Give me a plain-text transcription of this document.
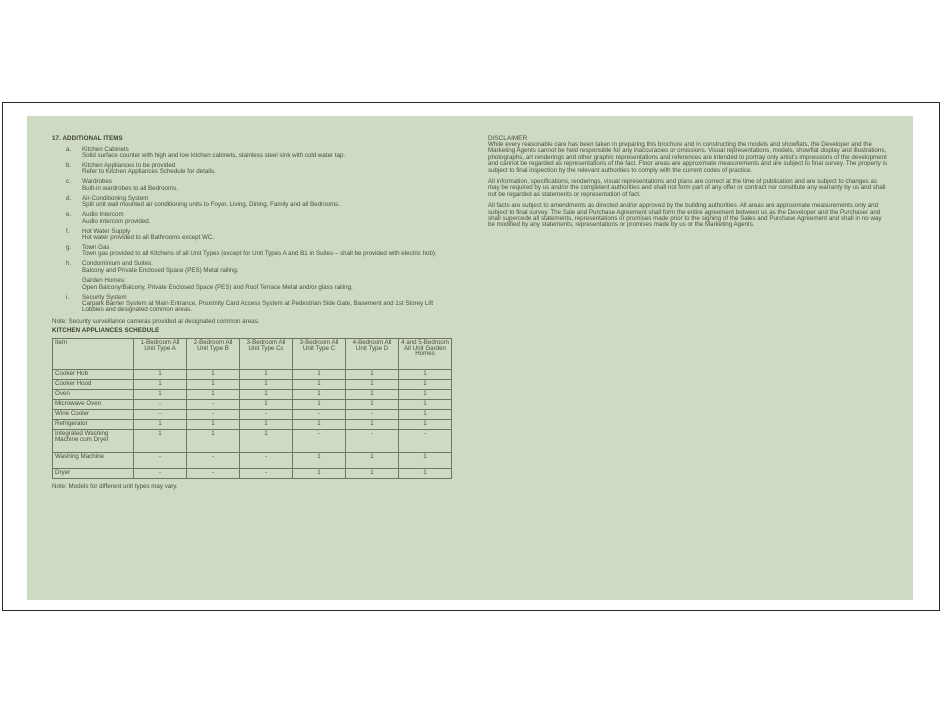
17. ADDITIONAL ITEMS
a.	Kitchen Cabinets
Solid surface counter with high and low kitchen cabinets, stainless steel sink with cold water tap.
b.	Kitchen Appliances to be provided
Refer to Kitchen Appliances Schedule for details.
c.	Wardrobes
Built-in wardrobes to all Bedrooms.
d.	Air-Conditioning System
Split unit wall mounted air conditioning units to Foyer, Living, Dining, Family and all Bedrooms.
e.	Audio Intercom
Audio intercom provided.
f.	Hot Water Supply
Hot water provided to all Bathrooms except WC.
g.	Town Gas
Town gas provided to all Kitchens of all Unit Types (except for Unit Types A and B1 in Suites – shall be provided with electric hob).
h.	Condominium and Suites:
Balcony and Private Enclosed Space (PES) Metal railing.
Garden Homes:
Open Balcony/Balcony, Private Enclosed Space (PES) and Roof Terrace Metal and/or glass railing.
i.	Security System
Carpark Barrier System at Main Entrance, Proximity Card Access System at Pedestrian Side Gate, Basement and 1st Storey Lift Lobbies and designated common areas.
Note: Security surveillance cameras provided at designated common areas.
KITCHEN APPLIANCES SCHEDULE
Item	1-Bedroom All Unit Type A	2-Bedroom All Unit Type B	3-Bedroom All Unit Type Cc	3-Bedroom All Unit Type C	4-Bedroom All Unit Type D	4 and 5-Bedroom All Unit Garden Homes
Cooker Hob	1	1	1	1	1	1
Cooker Hood	1	1	1	1	1	1
Oven	1	1	1	1	1	1
Microwave Oven	-	-	1	1	1	1
Wine Cooler	-	-	-	-	-	1
Refrigerator	1	1	1	1	1	1
Integrated Washing Machine cum Dryer	1	1	1	-	-	-
Washing Machine	-	-	-	1	1	1
Dryer	-	-	-	1	1	1
Note: Models for different unit types may vary.
DISCLAIMER
While every reasonable care has been taken in preparing this brochure and in constructing the models and showflats, the Developer and the Marketing Agents cannot be held responsible for any inaccuracies or omissions. Visual representations, models, showflat display and illustrations, photographs, art renderings and other graphic representations and references are intended to portray only artist's impressions of the development and cannot be regarded as representations of the fact. Floor areas are approximate measurements and are subject to final survey. The property is subject to final inspection by the relevant authorities to comply with the current codes of practice.
All information, specifications, renderings, visual representations and plans are correct at the time of publication and are subject to changes as may be required by us and/or the competent authorities and shall not form part of any offer or contract nor constitute any warranty by us and shall not be regarded as statements or representation of fact.
All facts are subject to amendments as directed and/or approved by the building authorities. All areas are approximate measurements only and subject to final survey. The Sale and Purchase Agreement shall form the entire agreement between us as the Developer and the Purchaser and shall supercede all statements, representations or promises made prior to the signing of the Sales and Purchase Agreement and shall in no way be modified by any statements, representations or promises made by us or the Marketing Agents.
